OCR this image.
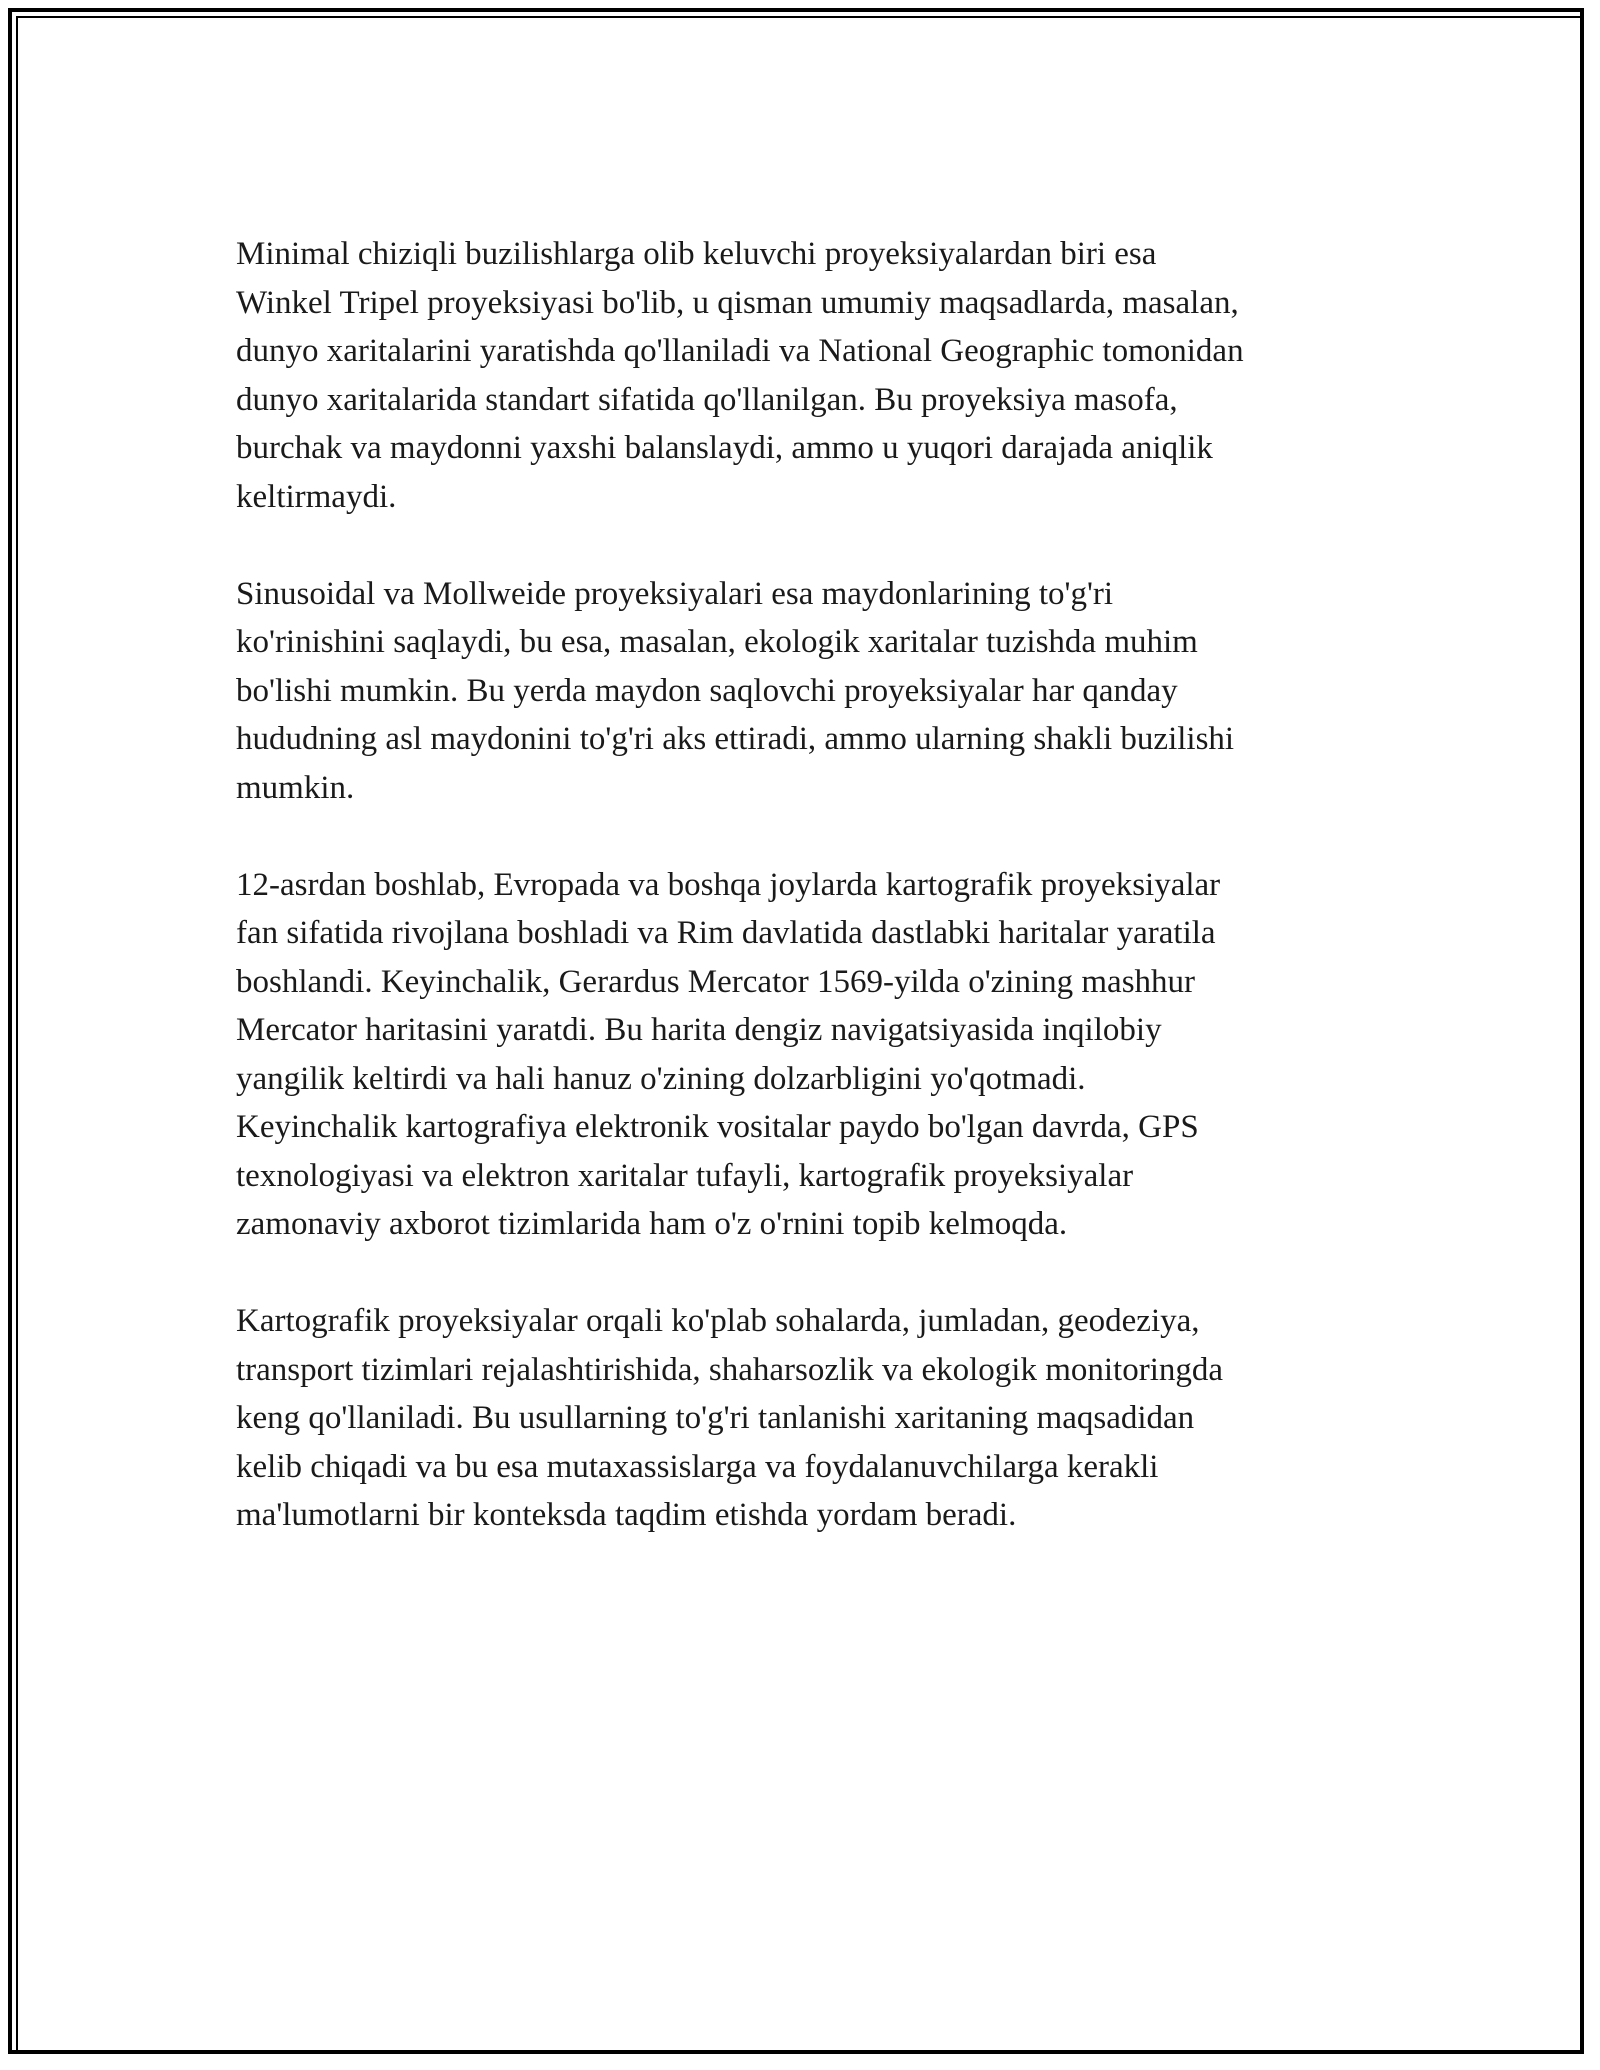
Minimal chiziqli buzilishlarga olib keluvchi proyeksiyalardan biri esa
Winkel Tripel proyeksiyasi bo'lib, u qisman umumiy maqsadlarda, masalan,
dunyo xaritalarini yaratishda qo'llaniladi va National Geographic tomonidan
dunyo xaritalarida standart sifatida qo'llanilgan. Bu proyeksiya masofa,
burchak va maydonni yaxshi balanslaydi, ammo u yuqori darajada aniqlik
keltirmaydi.

Sinusoidal va Mollweide proyeksiyalari esa maydonlarining to'g'ri
ko'rinishini saqlaydi, bu esa, masalan, ekologik xaritalar tuzishda muhim
bo'lishi mumkin. Bu yerda maydon saqlovchi proyeksiyalar har qanday
hududning asl maydonini to'g'ri aks ettiradi, ammo ularning shakli buzilishi
mumkin.

12-asrdan boshlab, Evropada va boshqa joylarda kartografik proyeksiyalar
fan sifatida rivojlana boshladi va Rim davlatida dastlabki haritalar yaratila
boshlandi. Keyinchalik, Gerardus Mercator 1569-yilda o'zining mashhur
Mercator haritasini yaratdi. Bu harita dengiz navigatsiyasida inqilobiy
yangilik keltirdi va hali hanuz o'zining dolzarbligini yo'qotmadi.
Keyinchalik kartografiya elektronik vositalar paydo bo'lgan davrda, GPS
texnologiyasi va elektron xaritalar tufayli, kartografik proyeksiyalar
zamonaviy axborot tizimlarida ham o'z o'rnini topib kelmoqda.

Kartografik proyeksiyalar orqali ko'plab sohalarda, jumladan, geodeziya,
transport tizimlari rejalashtirishida, shaharsozlik va ekologik monitoringda
keng qo'llaniladi. Bu usullarning to'g'ri tanlanishi xaritaning maqsadidan
kelib chiqadi va bu esa mutaxassislarga va foydalanuvchilarga kerakli
ma'lumotlarni bir konteksda taqdim etishda yordam beradi.
